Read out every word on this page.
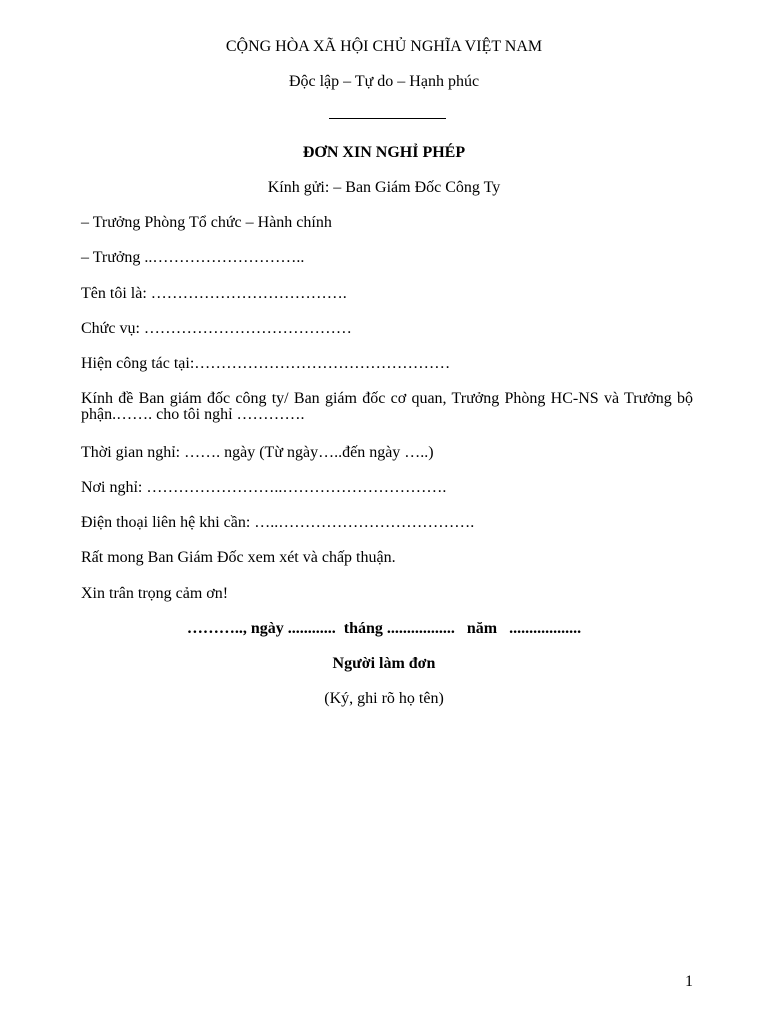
CỘNG HÒA XÃ HỘI CHỦ NGHĨA VIỆT NAM
Độc lập – Tự do – Hạnh phúc
ĐƠN XIN NGHỈ PHÉP
Kính gửi: – Ban Giám Đốc Công Ty
– Trưởng Phòng Tổ chức – Hành chính
– Trưởng ..………………………..
Tên tôi là: ……………………………….
Chức vụ: …………………………………
Hiện công tác tại:…………………………………………
Kính đề Ban giám đốc công ty/ Ban giám đốc cơ quan, Trưởng Phòng HC-NS và Trưởng bộ phận.……. cho tôi nghỉ ………….
Thời gian nghỉ: ……. ngày (Từ ngày…..đến ngày …..)
Nơi nghỉ: ……………………..………………………….
Điện thoại liên hệ khi cần: …..……………………………….
Rất mong Ban Giám Đốc xem xét và chấp thuận.
Xin trân trọng cảm ơn!
……….., ngày ............  tháng .................   năm   ..................
Người làm đơn
(Ký, ghi rõ họ tên)
1
